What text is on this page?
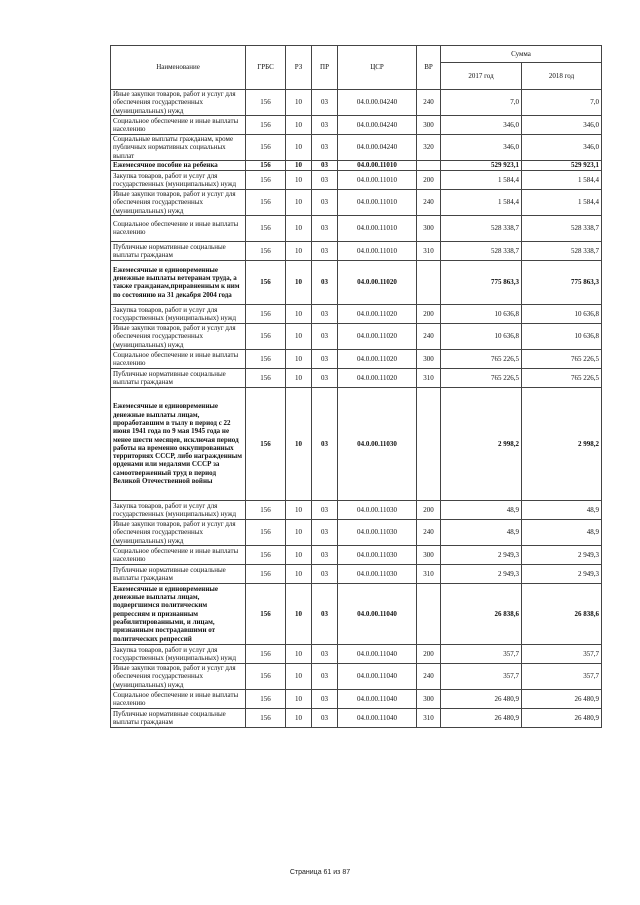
Наименование	ГРБС	РЗ	ПР	ЦСР	ВР	Сумма	
						2017 год	2018 год
Иные закупки товаров, работ и услуг для обеспечения государственных (муниципальных) нужд	156	10	03	04.0.00.04240	240	7,0	7,0
Социальное обеспечение и иные выплаты населению	156	10	03	04.0.00.04240	300	346,0	346,0
Социальные выплаты гражданам, кроме публичных нормативных социальных выплат	156	10	03	04.0.00.04240	320	346,0	346,0
Ежемесячное пособие на ребенка	156	10	03	04.0.00.11010		529 923,1	529 923,1
Закупка товаров, работ и услуг для государственных (муниципальных) нужд	156	10	03	04.0.00.11010	200	1 584,4	1 584,4
Иные закупки товаров, работ и услуг для обеспечения государственных (муниципальных) нужд	156	10	03	04.0.00.11010	240	1 584,4	1 584,4
Социальное обеспечение и иные выплаты населению	156	10	03	04.0.00.11010	300	528 338,7	528 338,7
Публичные нормативные социальные выплаты гражданам	156	10	03	04.0.00.11010	310	528 338,7	528 338,7
Ежемесячные и единовременные денежные выплаты ветеранам труда, а также гражданам,приравненным к ним по состоянию на 31 декабря 2004 года	156	10	03	04.0.00.11020		775 863,3	775 863,3
Закупка товаров, работ и услуг для государственных (муниципальных) нужд	156	10	03	04.0.00.11020	200	10 636,8	10 636,8
Иные закупки товаров, работ и услуг для обеспечения государственных (муниципальных) нужд	156	10	03	04.0.00.11020	240	10 636,8	10 636,8
Социальное обеспечение и иные выплаты населению	156	10	03	04.0.00.11020	300	765 226,5	765 226,5
Публичные нормативные социальные выплаты гражданам	156	10	03	04.0.00.11020	310	765 226,5	765 226,5
Ежемесячные и единовременные денежные выплаты лицам, проработавшим в тылу в период с 22 июня 1941 года по 9 мая 1945 года не менее шести месяцев, исключая период работы на временно оккупированных территориях СССР, либо награжденным орденами или медалями СССР за самоотверженный труд в период Великой Отечественной войны	156	10	03	04.0.00.11030		2 998,2	2 998,2
Закупка товаров, работ и услуг для государственных (муниципальных) нужд	156	10	03	04.0.00.11030	200	48,9	48,9
Иные закупки товаров, работ и услуг для обеспечения государственных (муниципальных) нужд	156	10	03	04.0.00.11030	240	48,9	48,9
Социальное обеспечение и иные выплаты населению	156	10	03	04.0.00.11030	300	2 949,3	2 949,3
Публичные нормативные социальные выплаты гражданам	156	10	03	04.0.00.11030	310	2 949,3	2 949,3
Ежемесячные и единовременные денежные выплаты лицам, подвергшимся политическим репрессиям и признанным реабилитированными, и лицам, признанным пострадавшими от политических репрессий	156	10	03	04.0.00.11040		26 838,6	26 838,6
Закупка товаров, работ и услуг для государственных (муниципальных) нужд	156	10	03	04.0.00.11040	200	357,7	357,7
Иные закупки товаров, работ и услуг для обеспечения государственных (муниципальных) нужд	156	10	03	04.0.00.11040	240	357,7	357,7
Социальное обеспечение и иные выплаты населению	156	10	03	04.0.00.11040	300	26 480,9	26 480,9
Публичные нормативные социальные выплаты гражданам	156	10	03	04.0.00.11040	310	26 480,9	26 480,9
Страница 61 из 87
